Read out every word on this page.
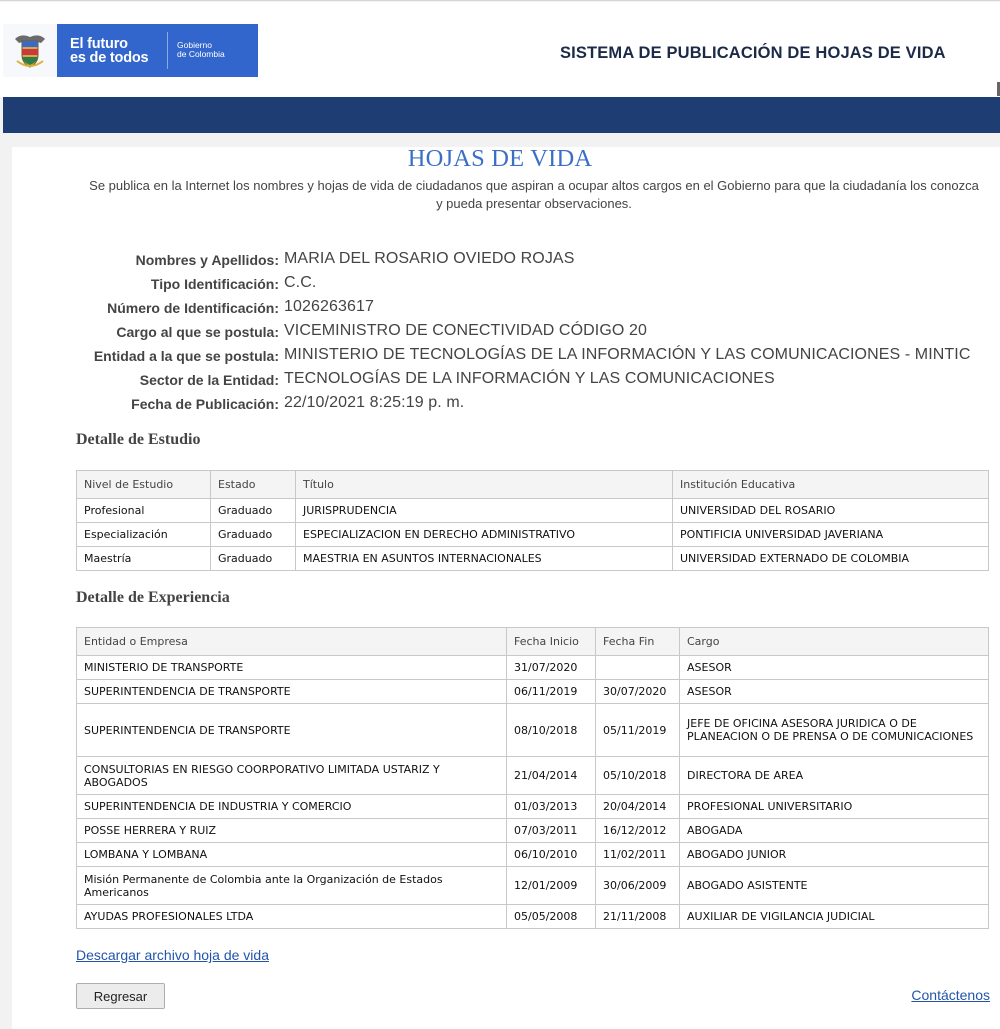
El futuro
es de todos
Gobierno
de Colombia	SISTEMA DE PUBLICACIÓN DE HOJAS DE VIDA
HOJAS DE VIDA
Se publica en la Internet los nombres y hojas de vida de ciudadanos que aspiran a ocupar altos cargos en el Gobierno para que la ciudadanía los conozca y pueda presentar observaciones.
Nombres y Apellidos: MARIA DEL ROSARIO OVIEDO ROJAS
Tipo Identificación: C.C.
Número de Identificación: 1026263617
Cargo al que se postula: VICEMINISTRO DE CONECTIVIDAD CÓDIGO 20
Entidad a la que se postula: MINISTERIO DE TECNOLOGÍAS DE LA INFORMACIÓN Y LAS COMUNICACIONES - MINTIC
Sector de la Entidad: TECNOLOGÍAS DE LA INFORMACIÓN Y LAS COMUNICACIONES
Fecha de Publicación: 22/10/2021 8:25:19 p. m.
Detalle de Estudio
Nivel de Estudio	Estado	Título	Institución Educativa
Profesional	Graduado	JURISPRUDENCIA	UNIVERSIDAD DEL ROSARIO
Especialización	Graduado	ESPECIALIZACION EN DERECHO ADMINISTRATIVO	PONTIFICIA UNIVERSIDAD JAVERIANA
Maestría	Graduado	MAESTRIA EN ASUNTOS INTERNACIONALES	UNIVERSIDAD EXTERNADO DE COLOMBIA
Detalle de Experiencia
Entidad o Empresa	Fecha Inicio	Fecha Fin	Cargo
MINISTERIO DE TRANSPORTE	31/07/2020		ASESOR
SUPERINTENDENCIA DE TRANSPORTE	06/11/2019	30/07/2020	ASESOR
SUPERINTENDENCIA DE TRANSPORTE	08/10/2018	05/11/2019	JEFE DE OFICINA ASESORA JURIDICA O DE PLANEACION O DE PRENSA O DE COMUNICACIONES
CONSULTORIAS EN RIESGO COORPORATIVO LIMITADA USTARIZ Y ABOGADOS	21/04/2014	05/10/2018	DIRECTORA DE AREA
SUPERINTENDENCIA DE INDUSTRIA Y COMERCIO	01/03/2013	20/04/2014	PROFESIONAL UNIVERSITARIO
POSSE HERRERA Y RUIZ	07/03/2011	16/12/2012	ABOGADA
LOMBANA Y LOMBANA	06/10/2010	11/02/2011	ABOGADO JUNIOR
Misión Permanente de Colombia ante la Organización de Estados Americanos	12/01/2009	30/06/2009	ABOGADO ASISTENTE
AYUDAS PROFESIONALES LTDA	05/05/2008	21/11/2008	AUXILIAR DE VIGILANCIA JUDICIAL
Descargar archivo hoja de vida
Regresar	Contáctenos
